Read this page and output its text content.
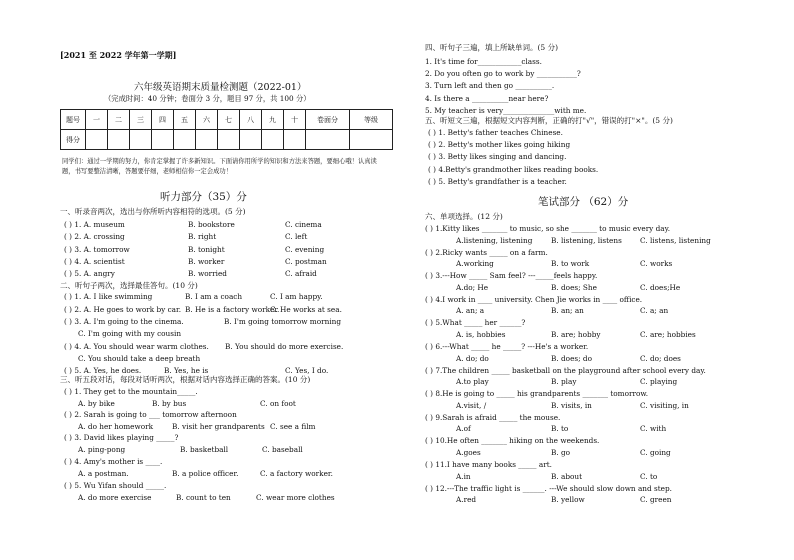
[2021 至 2022 学年第一学期]
六年级英语期末质量检测题（2022-01）
（完成时间：40 分钟；卷面分 3 分，题目 97 分，共 100 分）
题号	一	二	三	四	五	六	七	八	九	十	卷面分	等级
得分												
同学们：通过一学期的努力，你肯定掌握了许多新知识。下面请你用所学的知识和方法来答题，要细心哦！认真读题，书写要整洁清晰，答题要仔细，老师相信你一定会成功！
听力部分（35）分
一、听录音两次，选出与你所听内容相符的选项。(5 分)
( ) 1. A. museum	B. bookstore	C. cinema
( ) 2. A. crossing	B. right	C. left
( ) 3. A. tomorrow	B. tonight	C. evening
( ) 4. A. scientist	B. worker	C. postman
( ) 5. A. angry	B. worried	C. afraid
二、听句子两次，选择最佳答句。(10 分)
( ) 1. A. I like swimming	B. I am a coach	C. I am happy.
( ) 2. A. He goes to work by car. B. He is a factory worker.
C. He works at sea.
( ) 3. A. I'm going to the cinema.	B. I'm going tomorrow morning
C. I'm going with my cousin
( ) 4. A. You should wear warm clothes. B. You should do more exercise.
C. You should take a deep breath
( ) 5. A. Yes, he does.	B. Yes, he is	C. Yes, I do.
三、听五段对话，每段对话听两次，根据对话内容选择正确的答案。(10 分)
( ) 1. They get to the mountain_____.
A. by bike	B. by bus	C. on foot
( ) 2. Sarah is going to ___ tomorrow afternoon
A. do her homework	B. visit her grandparents C. see a film
( ) 3. David likes playing _____?
A. ping-pong	B. basketball	C. baseball
( ) 4. Amy's mother is ____.
A. a postman.	B. a police officer.	C. a factory worker.
( ) 5. Wu Yifan should _____.
A. do more exercise	B. count to ten	C. wear more clothes
四、听句子三遍，填上所缺单词。(5 分)
1. It's time for____________class.
2. Do you often go to work by ___________?
3. Turn left and then go __________.
4. Is there a __________near here?
5. My teacher is very______________with me.
五、听短文三遍，根据短文内容判断，正确的打"√"，错误的打"×"。(5 分)
( ) 1. Betty's father teaches Chinese.
( ) 2. Betty's mother likes going hiking
( ) 3. Betty likes singing and dancing.
( ) 4.Betty's grandmother likes reading books.
( ) 5. Betty's grandfather is a teacher.
笔试部分 （62）分
六、单项选择。(12 分)
( ) 1.Kitty likes _______ to music, so she _______ to music every day.
A.listening, listening	B. listening, listens C. listens, listening
( ) 2.Ricky wants _____ on a farm.
A.working	B. to work	C. works
( ) 3.---How _____ Sam feel? ---_____feels happy.
A.do; He	B. does; She	C. does;He
( ) 4.I work in ____ university. Chen Jie works in ____ office.
A. an; a	B. an; an	C. a; an
( ) 5.What _____ her ______?
A. is, hobbies	B. are; hobby	C. are; hobbies
( ) 6.---What _____ he _____? ---He's a worker.
A. do; do	B. does; do	C. do; does
( ) 7.The children _____ basketball on the playground after school every day.
A.to play	B. play	C. playing
( ) 8.He is going to _____ his grandparents _______ tomorrow.
A.visit, /	B. visits, in	C. visiting, in
( ) 9.Sarah is afraid _____ the mouse.
A.of	B. to	C. with
( ) 10.He often _______ hiking on the weekends.
A.goes	B. go	C. going
( ) 11.I have many books _____ art.
A.in	B. about	C. to
( ) 12.---The traffic light is ______. ---We should slow down and step.
A.red	B. yellow	C. green
